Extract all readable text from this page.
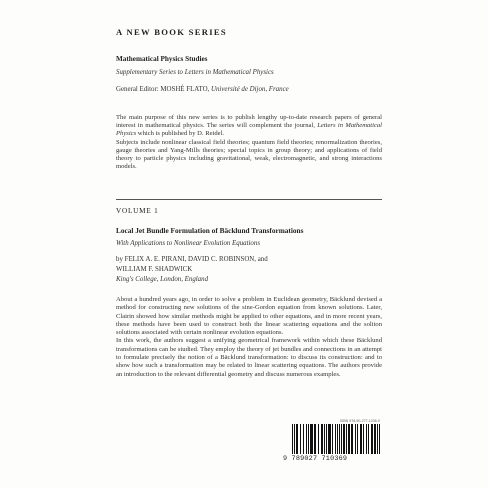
A NEW BOOK SERIES
Mathematical Physics Studies
Supplementary Series to Letters in Mathematical Physics
General Editor: MOSHÉ FLATO, Université de Dijon, France

The main purpose of this new series is to publish lengthy up-to-date research papers of general interest in mathematical physics. The series will complement the journal, Letters in Mathematical Physics which is published by D. Reidel.

Subjects include nonlinear classical field theories; quantum field theories; renormalization theories, gauge theories and Yang-Mills theories; special topics in group theory; and applications of field theory to particle physics including gravitational, weak, electromagnetic, and strong interactions models.

VOLUME 1
Local Jet Bundle Formulation of Bäcklund Transformations
With Applications to Nonlinear Evolution Equations
by FELIX A. E. PIRANI, DAVID C. ROBINSON, and
WILLIAM F. SHADWICK
King's College, London, England

About a hundred years ago, in order to solve a problem in Euclidean geometry, Bäcklund devised a method for constructing new solutions of the sine-Gordon equation from known solutions. Later, Clairin showed how similar methods might be applied to other equations, and in more recent years, these methods have been used to construct both the linear scattering equations and the soliton solutions associated with certain nonlinear evolution equations.

In this work, the authors suggest a unifying geometrical framework within which these Bäcklund transformations can be studied. They employ the theory of jet bundles and connections in an attempt to formulate precisely the notion of a Bäcklund transformation: to discuss its construction: and to show how such a transformation may be related to linear scattering equations. The authors provide an introduction to the relevant differential geometry and discuss numerous examples.

ISBN 978-90-277-1036-9
9 789027 710369
